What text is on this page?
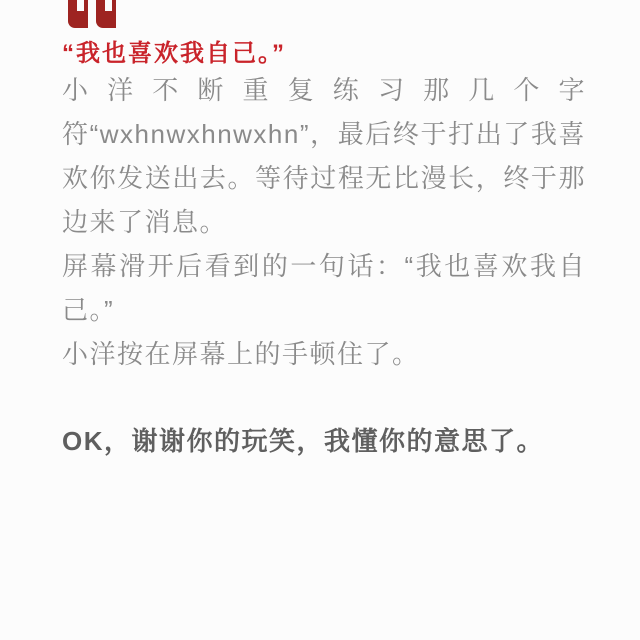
“我也喜欢我自己。”

小洋不断重复练习那几个字符“wxhnwxhnwxhn”，最后终于打出了我喜欢你发送出去。等待过程无比漫长，终于那边来了消息。

屏幕滑开后看到的一句话：“我也喜欢我自己。”

小洋按在屏幕上的手顿住了。

OK，谢谢你的玩笑，我懂你的意思了。
